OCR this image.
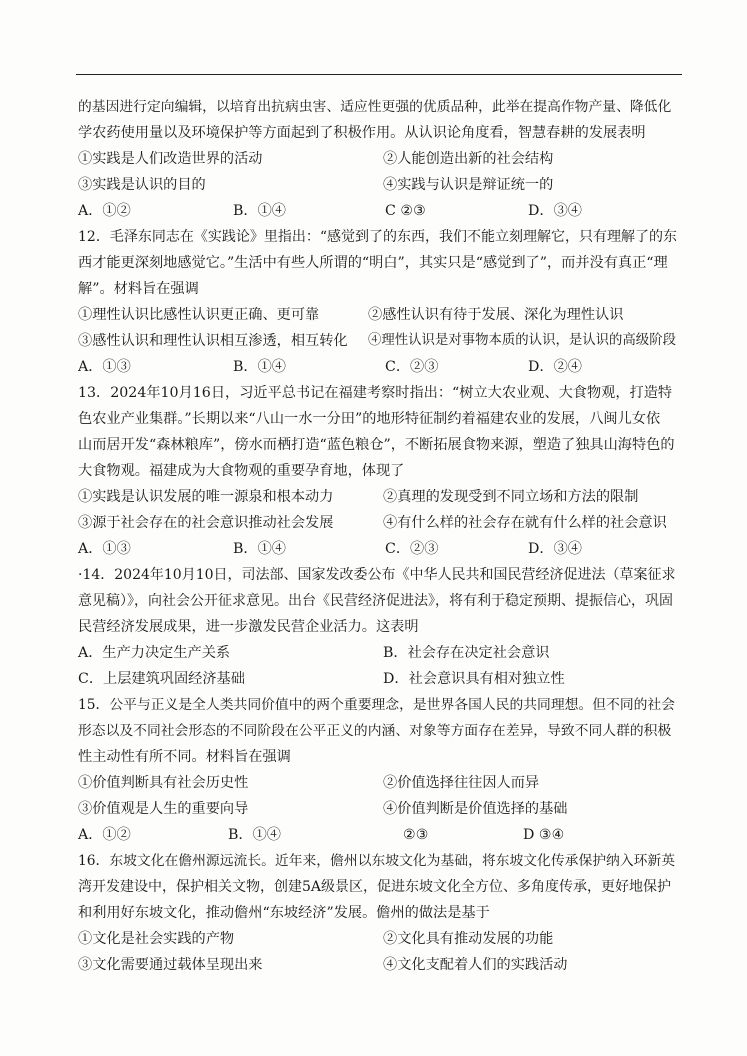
的基因进行定向编辑，以培育出抗病虫害、适应性更强的优质品种，此举在提高作物产量、降低化
学农药使用量以及环境保护等方面起到了积极作用。从认识论角度看，智慧春耕的发展表明
①实践是人们改造世界的活动	②人能创造出新的社会结构
③实践是认识的目的	④实践与认识是辩证统一的
A．①②	B．①④	C ②③	D．③④
12．毛泽东同志在《实践论》里指出：“感觉到了的东西，我们不能立刻理解它，只有理解了的东
西才能更深刻地感觉它。”生活中有些人所谓的“明白”，其实只是“感觉到了”，而并没有真正“理
解”。材料旨在强调
①理性认识比感性认识更正确、更可靠	②感性认识有待于发展、深化为理性认识
③感性认识和理性认识相互渗透，相互转化 ④理性认识是对事物本质的认识，是认识的高级阶段
A．①③	B．①④	C．②③	D．②④
13．2024年10月16日，习近平总书记在福建考察时指出：“树立大农业观、大食物观，打造特
色农业产业集群。”长期以来“八山一水一分田”的地形特征制约着福建农业的发展，八闽儿女依
山而居开发“森林粮库”，傍水而栖打造“蓝色粮仓”，不断拓展食物来源，塑造了独具山海特色的
大食物观。福建成为大食物观的重要孕育地，体现了
①实践是认识发展的唯一源泉和根本动力	②真理的发现受到不同立场和方法的限制
③源于社会存在的社会意识推动社会发展	④有什么样的社会存在就有什么样的社会意识
A．①③	B．①④	C．②③	D．③④
·14．2024年10月10日，司法部、国家发改委公布《中华人民共和国民营经济促进法（草案征求
意见稿）》，向社会公开征求意见。出台《民营经济促进法》，将有利于稳定预期、提振信心，巩固
民营经济发展成果，进一步激发民营企业活力。这表明
A．生产力决定生产关系	B．社会存在决定社会意识
C．上层建筑巩固经济基础	D．社会意识具有相对独立性
15．公平与正义是全人类共同价值中的两个重要理念，是世界各国人民的共同理想。但不同的社会
形态以及不同社会形态的不同阶段在公平正义的内涵、对象等方面存在差异，导致不同人群的积极
性主动性有所不同。材料旨在强调
①价值判断具有社会历史性	②价值选择往往因人而异
③价值观是人生的重要向导	④价值判断是价值选择的基础
A．①②	B．①④	②③	D ③④
16．东坡文化在儋州源远流长。近年来，儋州以东坡文化为基础，将东坡文化传承保护纳入环新英
湾开发建设中，保护相关文物，创建5A级景区，促进东坡文化全方位、多角度传承，更好地保护
和利用好东坡文化，推动儋州“东坡经济”发展。儋州的做法是基于
①文化是社会实践的产物	②文化具有推动发展的功能
③文化需要通过载体呈现出来	④文化支配着人们的实践活动
